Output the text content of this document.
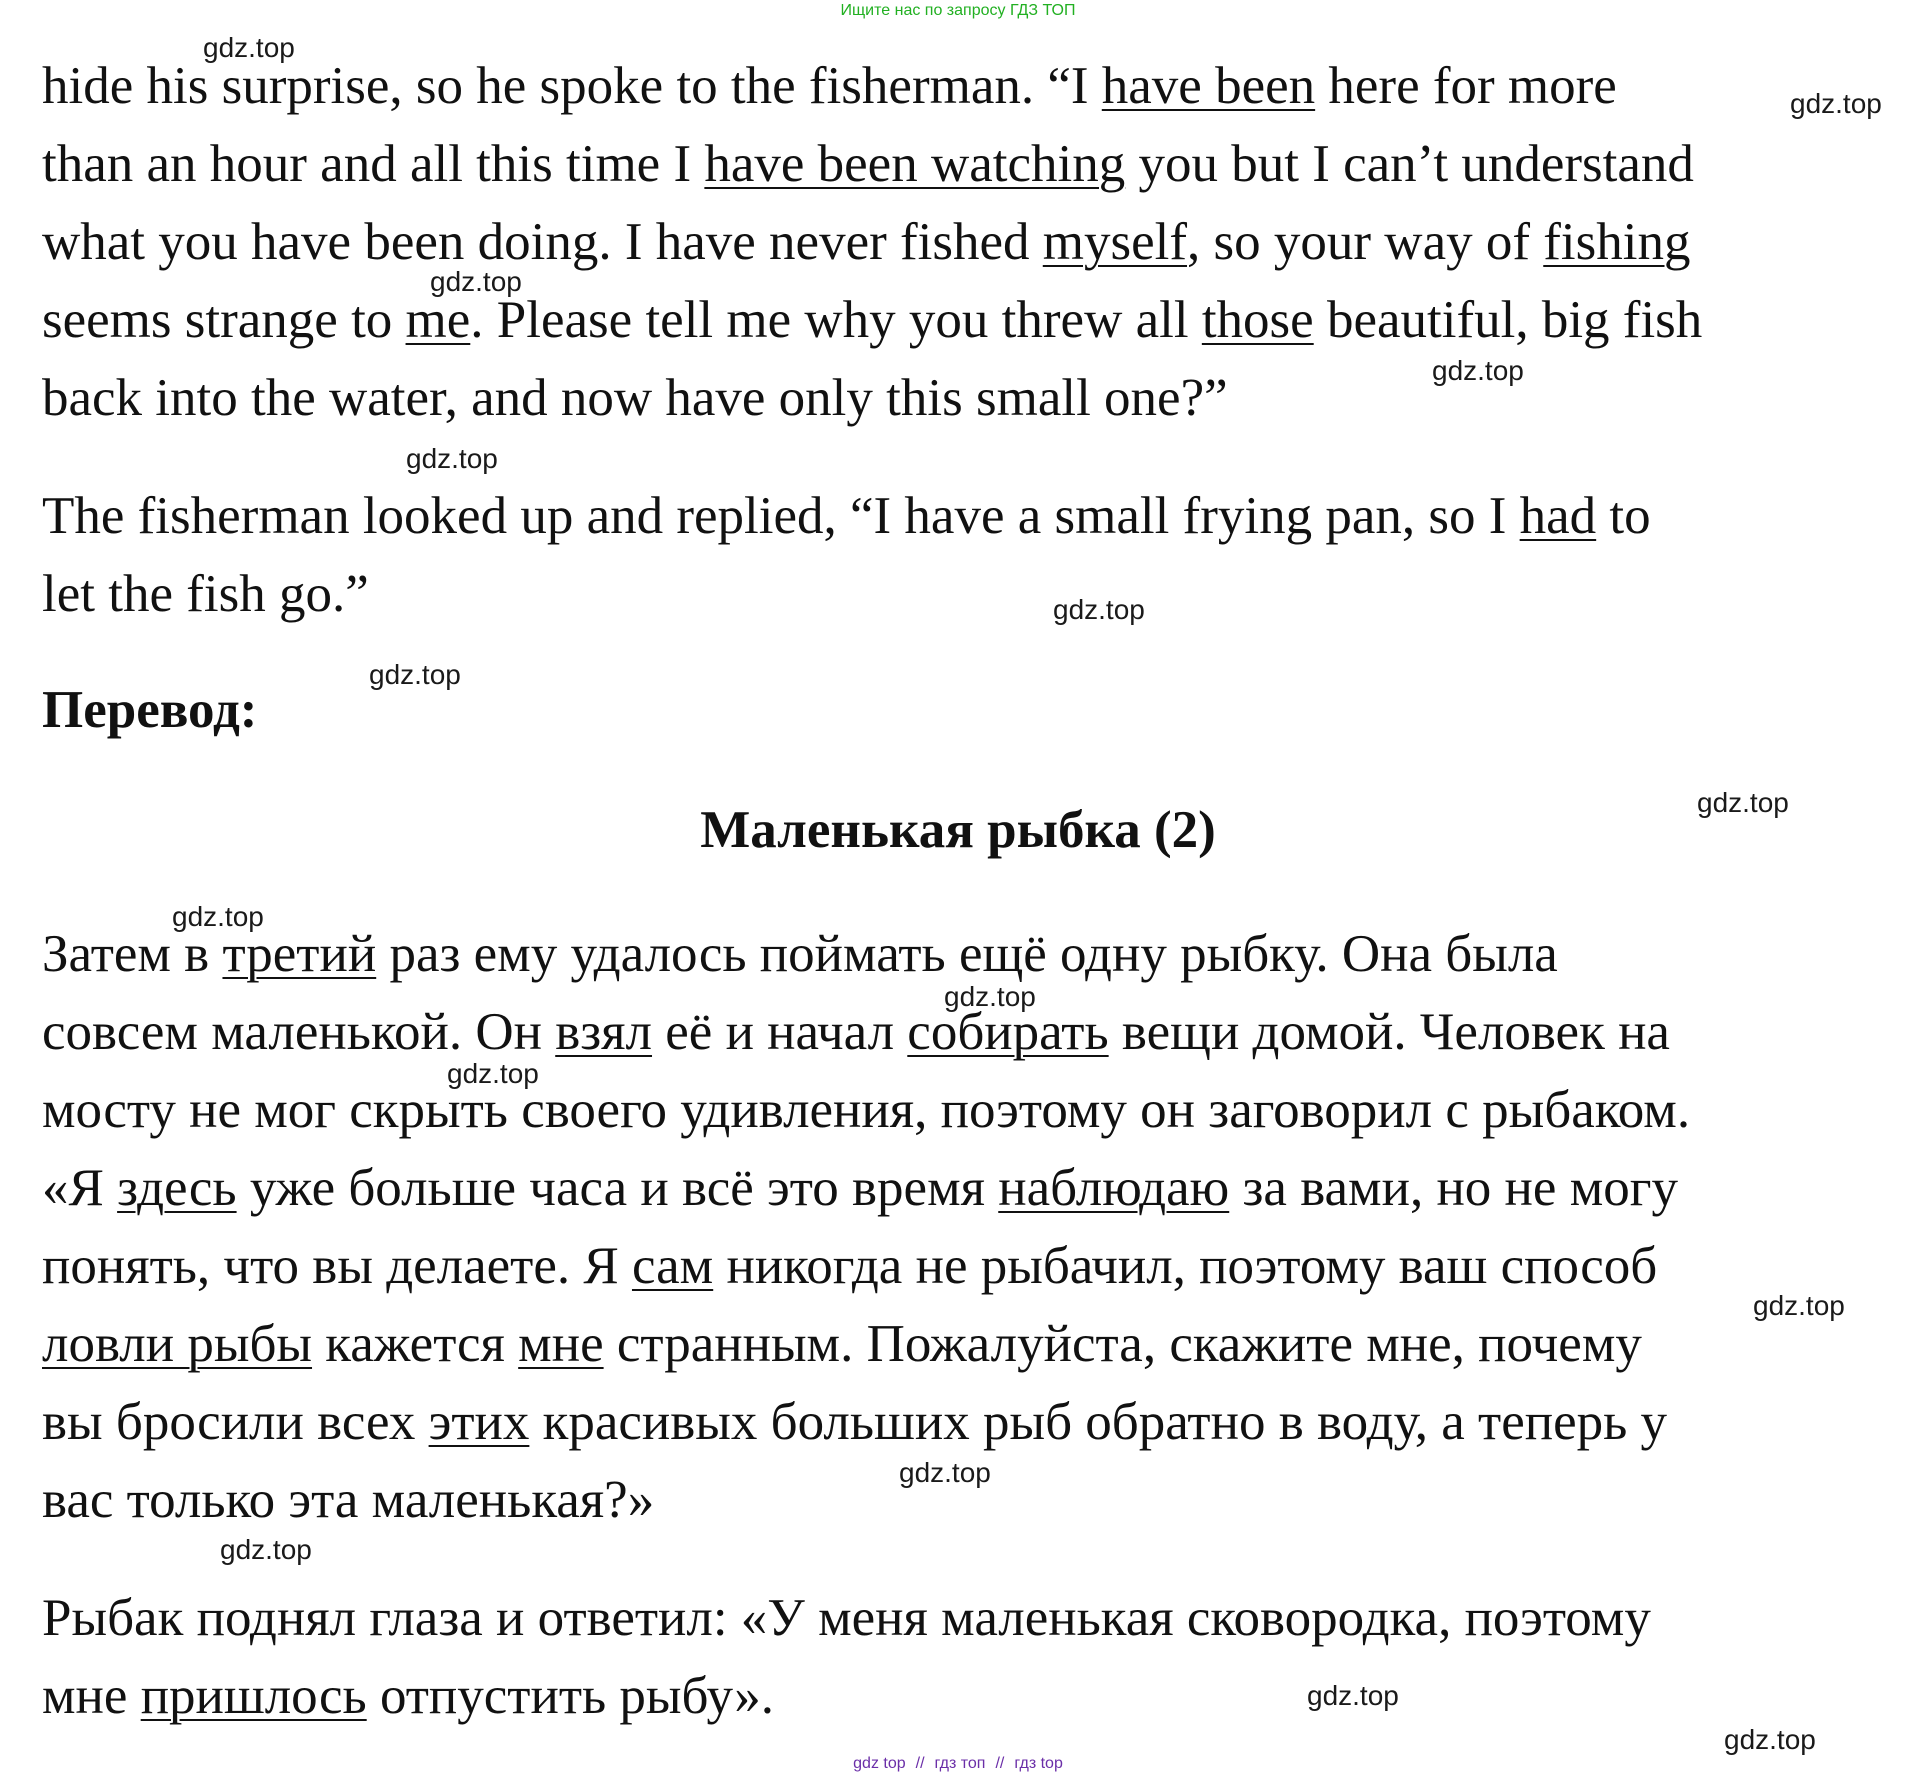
Ищите нас по запросу ГДЗ ТОП
hide his surprise, so he spoke to the fisherman. “I have been here for more
than an hour and all this time I have been watching you but I can’t understand
what you have been doing. I have never fished myself, so your way of fishing
seems strange to me. Please tell me why you threw all those beautiful, big fish
back into the water, and now have only this small one?”
The fisherman looked up and replied, “I have a small frying pan, so I had to
let the fish go.”
Перевод:
Маленькая рыбка (2)
Затем в третий раз ему удалось поймать ещё одну рыбку. Она была
совсем маленькой. Он взял её и начал собирать вещи домой. Человек на
мосту не мог скрыть своего удивления, поэтому он заговорил с рыбаком.
«Я здесь уже больше часа и всё это время наблюдаю за вами, но не могу
понять, что вы делаете. Я сам никогда не рыбачил, поэтому ваш способ
ловли рыбы кажется мне странным. Пожалуйста, скажите мне, почему
вы бросили всех этих красивых больших рыб обратно в воду, а теперь у
вас только эта маленькая?»
Рыбак поднял глаза и ответил: «У меня маленькая сковородка, поэтому
мне пришлось отпустить рыбу».
gdz.top
gdz.top
gdz.top
gdz.top
gdz.top
gdz.top
gdz.top
gdz.top
gdz.top
gdz.top
gdz.top
gdz.top
gdz.top
gdz.top
gdz.top
gdz.top
gdz top // гдз топ // гдз top
